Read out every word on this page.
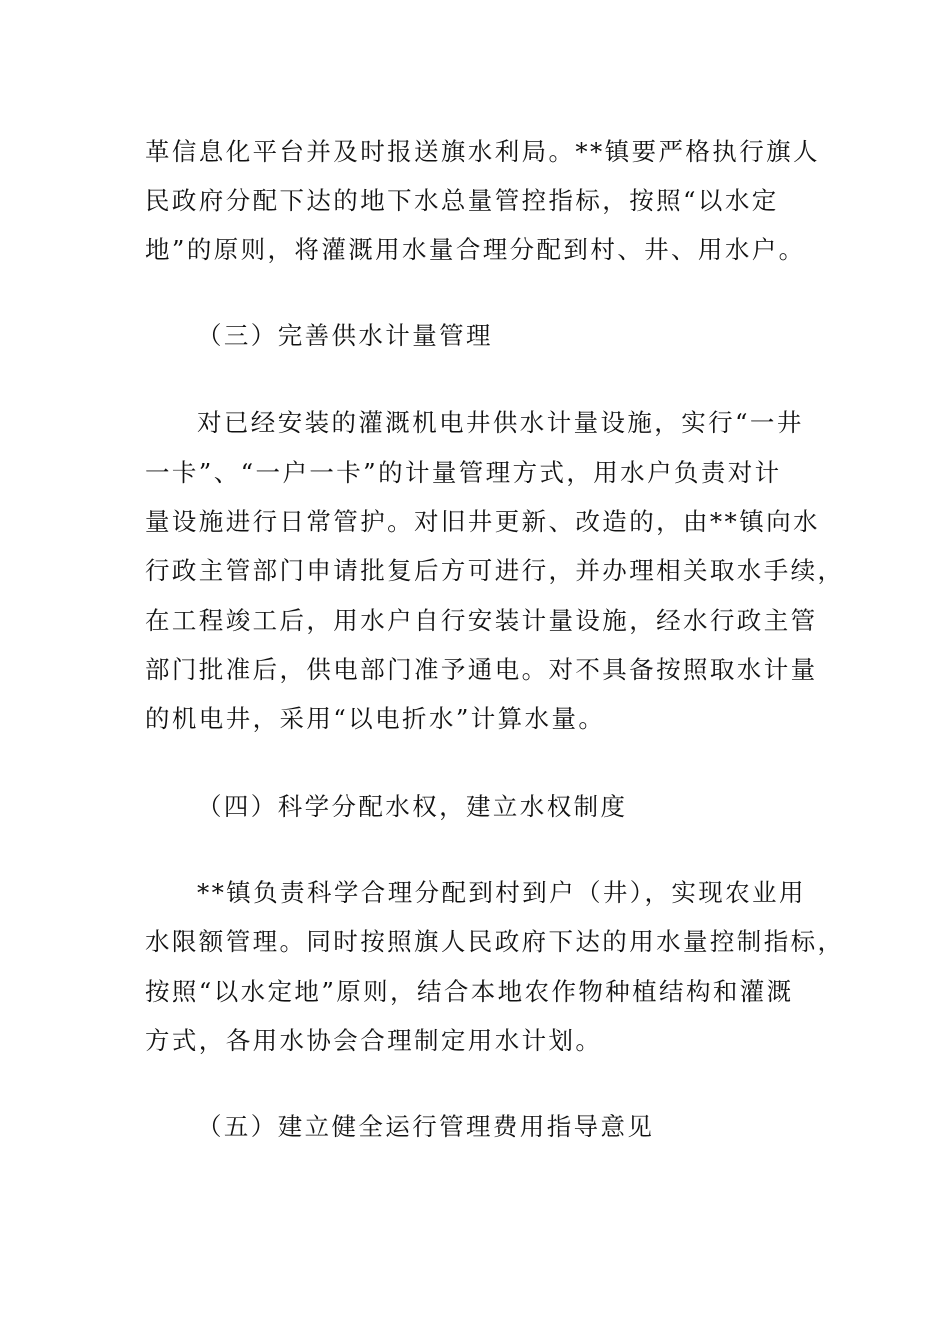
革信息化平台并及时报送旗水利局。**镇要严格执行旗人
民政府分配下达的地下水总量管控指标，按照“以水定
地”的原则，将灌溉用水量合理分配到村、井、用水户。
（三）完善供水计量管理
对已经安装的灌溉机电井供水计量设施，实行“一井
一卡”、“一户一卡”的计量管理方式，用水户负责对计
量设施进行日常管护。对旧井更新、改造的，由**镇向水
行政主管部门申请批复后方可进行，并办理相关取水手续，
在工程竣工后，用水户自行安装计量设施，经水行政主管
部门批准后，供电部门准予通电。对不具备按照取水计量
的机电井，采用“以电折水”计算水量。
（四）科学分配水权，建立水权制度
**镇负责科学合理分配到村到户（井），实现农业用
水限额管理。同时按照旗人民政府下达的用水量控制指标，
按照“以水定地”原则，结合本地农作物种植结构和灌溉
方式，各用水协会合理制定用水计划。
（五）建立健全运行管理费用指导意见
